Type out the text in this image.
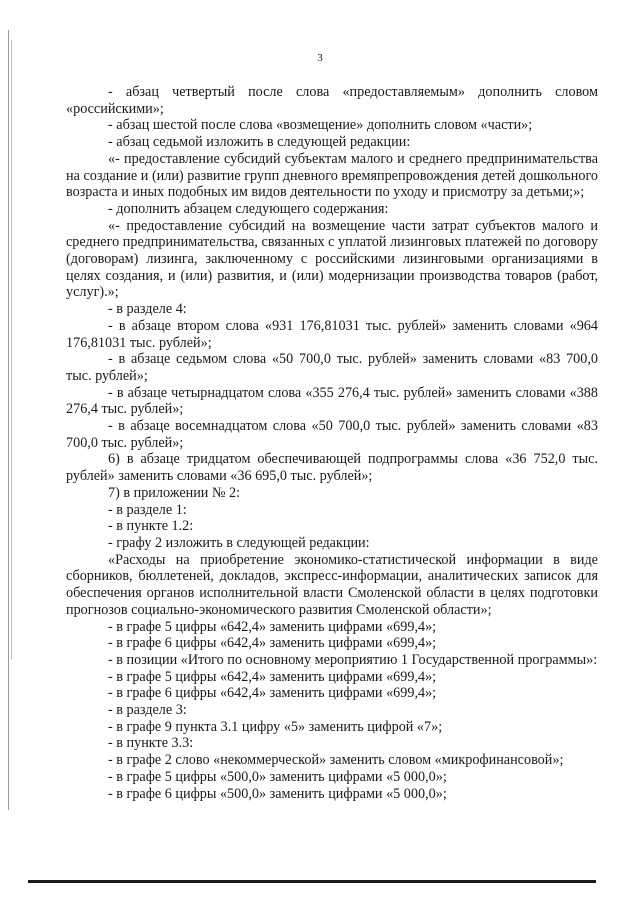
3

- абзац четвертый после слова «предоставляемым» дополнить словом «российскими»;

- абзац шестой после слова «возмещение» дополнить словом «части»;

- абзац седьмой изложить в следующей редакции:

«- предоставление субсидий субъектам малого и среднего предпринимательства на создание и (или) развитие групп дневного времяпрепровождения детей дошкольного возраста и иных подобных им видов деятельности по уходу и присмотру за детьми;»;

- дополнить абзацем следующего содержания:

«- предоставление субсидий на возмещение части затрат субъектов малого и среднего предпринимательства, связанных с уплатой лизинговых платежей по договору (договорам) лизинга, заключенному с российскими лизинговыми организациями в целях создания, и (или) развития, и (или) модернизации производства товаров (работ, услуг).»;

- в разделе 4:

- в абзаце втором слова «931 176,81031 тыс. рублей» заменить словами «964 176,81031 тыс. рублей»;

- в абзаце седьмом слова «50 700,0 тыс. рублей» заменить словами «83 700,0 тыс. рублей»;

- в абзаце четырнадцатом слова «355 276,4 тыс. рублей» заменить словами «388 276,4 тыс. рублей»;

- в абзаце восемнадцатом слова «50 700,0 тыс. рублей» заменить словами «83 700,0 тыс. рублей»;

6) в абзаце тридцатом обеспечивающей подпрограммы слова «36 752,0 тыс. рублей» заменить словами «36 695,0 тыс. рублей»;

7) в приложении № 2:

- в разделе 1:

- в пункте 1.2:

- графу 2 изложить в следующей редакции:

«Расходы на приобретение экономико-статистической информации в виде сборников, бюллетеней, докладов, экспресс-информации, аналитических записок для обеспечения органов исполнительной власти Смоленской области в целях подготовки прогнозов социально-экономического развития Смоленской области»;

- в графе 5 цифры «642,4» заменить цифрами «699,4»;

- в графе 6 цифры «642,4» заменить цифрами «699,4»;

- в позиции «Итого по основному мероприятию 1 Государственной программы»:

- в графе 5 цифры «642,4» заменить цифрами «699,4»;

- в графе 6 цифры «642,4» заменить цифрами «699,4»;

- в разделе 3:

- в графе 9 пункта 3.1 цифру «5» заменить цифрой «7»;

- в пункте 3.3:

- в графе 2 слово «некоммерческой» заменить словом «микрофинансовой»;

- в графе 5 цифры «500,0» заменить цифрами «5 000,0»;

- в графе 6 цифры «500,0» заменить цифрами «5 000,0»;
